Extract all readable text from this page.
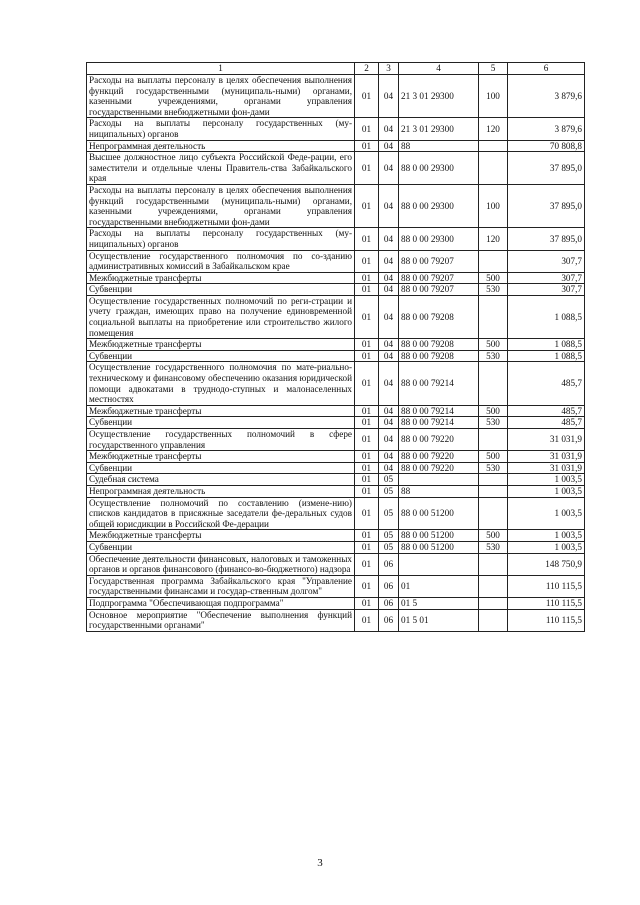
1	2	3	4	5	6
Расходы на выплаты персоналу в целях обеспечения выполнения функций государственными (муниципаль-ными) органами, казенными учреждениями, органами управления государственными внебюджетными фон-дами	01	04	21 3 01 29300	100	3 879,6
Расходы на выплаты персоналу государственных (му-ниципальных) органов	01	04	21 3 01 29300	120	3 879,6
Непрограммная деятельность	01	04	88		70 808,8
Высшее должностное лицо субъекта Российской Феде-рации, его заместители и отдельные члены Правитель-ства Забайкальского края	01	04	88 0 00 29300		37 895,0
Расходы на выплаты персоналу в целях обеспечения выполнения функций государственными (муниципаль-ными) органами, казенными учреждениями, органами управления государственными внебюджетными фон-дами	01	04	88 0 00 29300	100	37 895,0
Расходы на выплаты персоналу государственных (му-ниципальных) органов	01	04	88 0 00 29300	120	37 895,0
Осуществление государственного полномочия по со-зданию административных комиссий в Забайкальском крае	01	04	88 0 00 79207		307,7
Межбюджетные трансферты	01	04	88 0 00 79207	500	307,7
Субвенции	01	04	88 0 00 79207	530	307,7
Осуществление государственных полномочий по реги-страции и учету граждан, имеющих право на получение единовременной социальной выплаты на приобретение или строительство жилого помещения	01	04	88 0 00 79208		1 088,5
Межбюджетные трансферты	01	04	88 0 00 79208	500	1 088,5
Субвенции	01	04	88 0 00 79208	530	1 088,5
Осуществление государственного полномочия по мате-риально-техническому и финансовому обеспечению оказания юридической помощи адвокатами в труднодо-ступных и малонаселенных местностях	01	04	88 0 00 79214		485,7
Межбюджетные трансферты	01	04	88 0 00 79214	500	485,7
Субвенции	01	04	88 0 00 79214	530	485,7
Осуществление государственных полномочий в сфере государственного управления	01	04	88 0 00 79220		31 031,9
Межбюджетные трансферты	01	04	88 0 00 79220	500	31 031,9
Субвенции	01	04	88 0 00 79220	530	31 031,9
Судебная система	01	05			1 003,5
Непрограммная деятельность	01	05	88		1 003,5
Осуществление полномочий по составлению (измене-нию) списков кандидатов в присяжные заседатели фе-деральных судов общей юрисдикции в Российской Фе-дерации	01	05	88 0 00 51200		1 003,5
Межбюджетные трансферты	01	05	88 0 00 51200	500	1 003,5
Субвенции	01	05	88 0 00 51200	530	1 003,5
Обеспечение деятельности финансовых, налоговых и таможенных органов и органов финансового (финансо-во-бюджетного) надзора	01	06			148 750,9
Государственная программа Забайкальского края "Управление государственными финансами и государ-ственным долгом"	01	06	01		110 115,5
Подпрограмма "Обеспечивающая подпрограмма"	01	06	01 5		110 115,5
Основное мероприятие "Обеспечение выполнения функций государственными органами"	01	06	01 5 01		110 115,5
3
